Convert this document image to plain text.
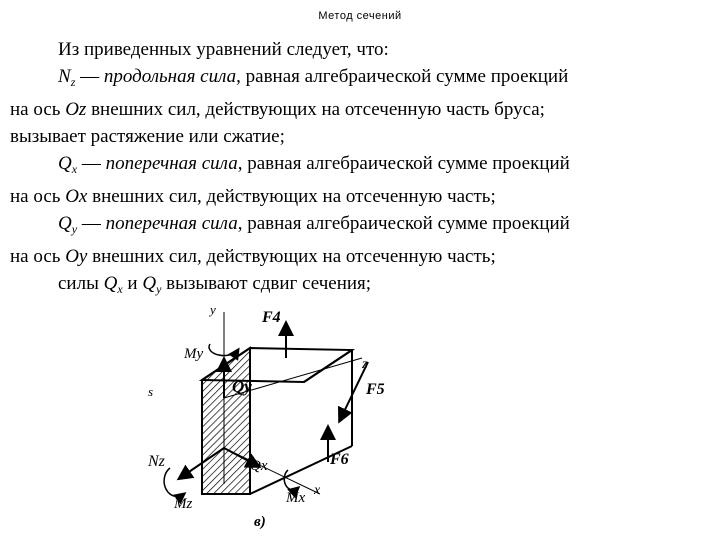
Метод сечений
Из приведенных уравнений следует, что:
$N_z$ — продольная сила, равная алгебраической сумме проекций
на ось Oz внешних сил, действующих на отсеченную часть бруса;
вызывает растяжение или сжатие;
$Q_x$ — поперечная сила, равная алгебраической сумме проекций
на ось Ox внешних сил, действующих на отсеченную часть;
$Q_y$ — поперечная сила, равная алгебраической сумме проекций
на ось Oy внешних сил, действующих на отсеченную часть;
силы $Q_x$ и $Q_y$ вызывают сдвиг сечения;
y	F4
My
z
Qy	F5
s
Nz	Qx	F6
x
Mz	Mx
в)
